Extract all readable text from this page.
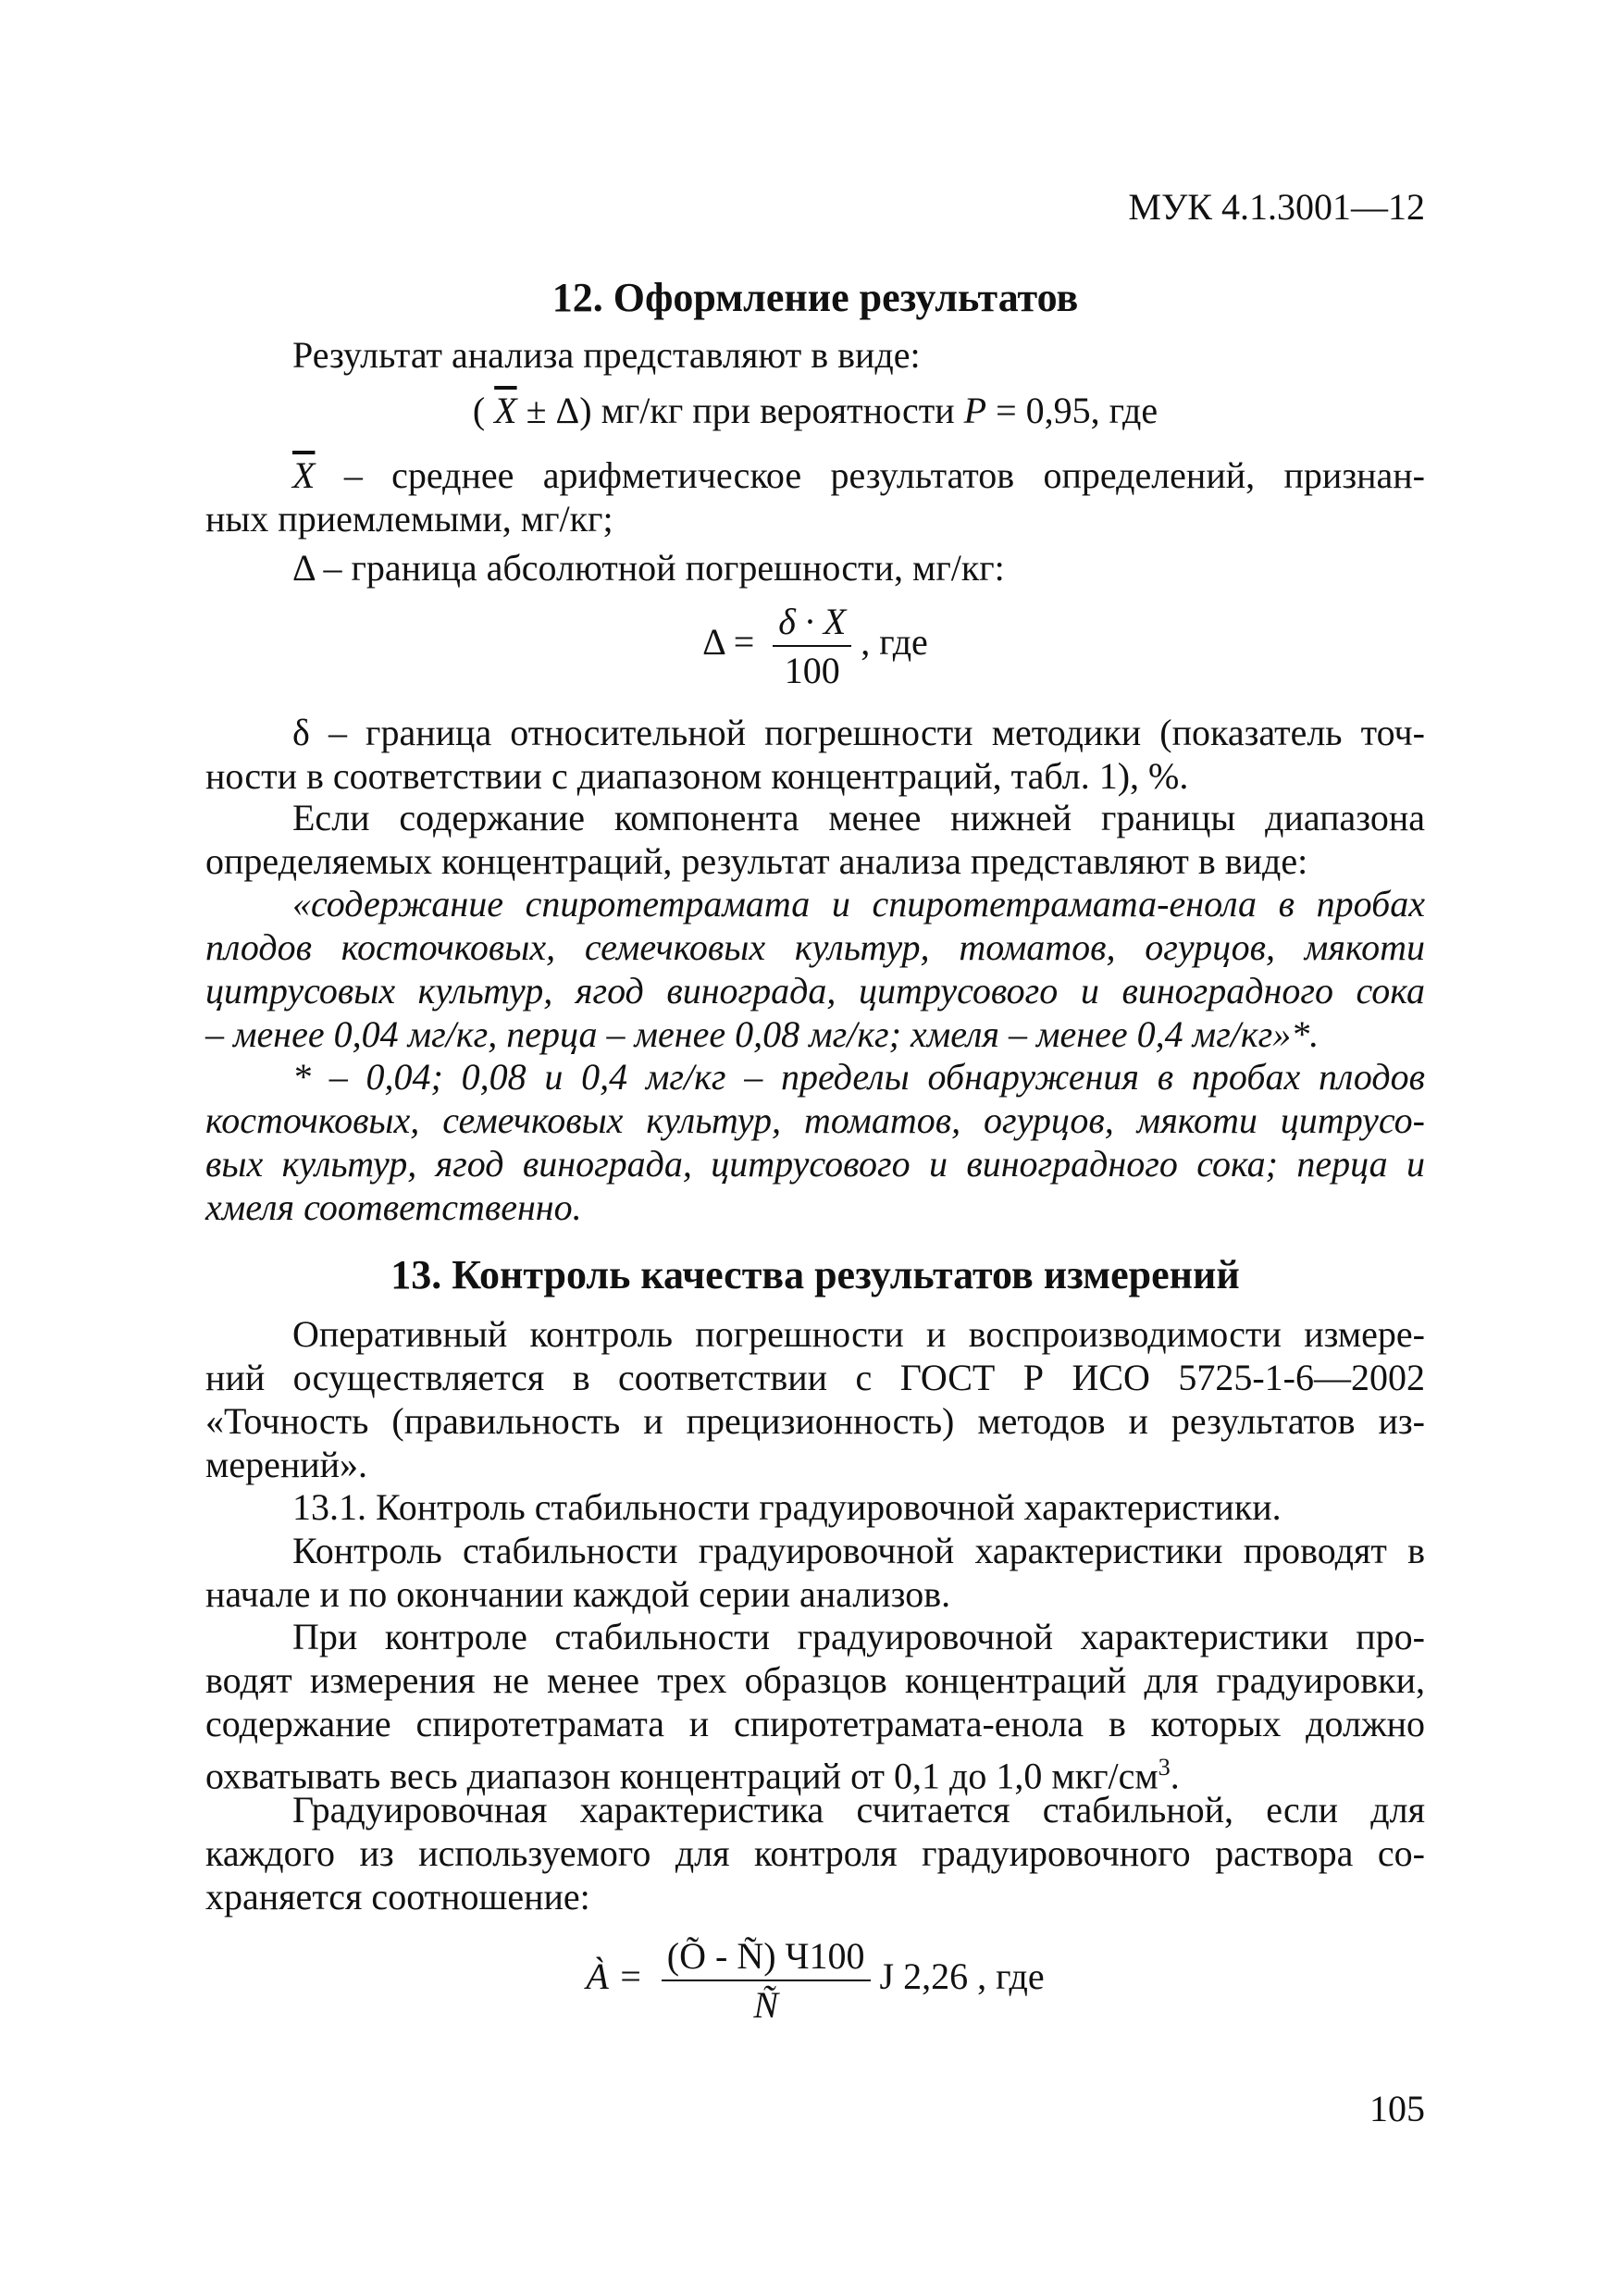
МУК 4.1.3001—12
12. Оформление результатов

Результат анализа представляют в виде:

( Х ± Δ) мг/кг при вероятности P = 0,95, где
Х – среднее арифметическое результатов определений, признан-
ных приемлемыми, мг/кг;

Δ – граница абсолютной погрешности, мг/кг:

$\Delta = \frac{\delta \cdot Х}{100}$ , где
δ – граница относительной погрешности методики (показатель точ-
ности в соответствии с диапазоном концентраций, табл. 1), %.
Если содержание компонента менее нижней границы диапазона
определяемых концентраций, результат анализа представляют в виде:
«содержание спиротетрамата и спиротетрамата-енола в пробах
плодов косточковых, семечковых культур, томатов, огурцов, мякоти
цитрусовых культур, ягод винограда, цитрусового и виноградного сока
– менее 0,04 мг/кг, перца – менее 0,08 мг/кг; хмеля – менее 0,4 мг/кг»*.
* – 0,04; 0,08 и 0,4 мг/кг – пределы обнаружения в пробах плодов
косточковых, семечковых культур, томатов, огурцов, мякоти цитрусо-
вых культур, ягод винограда, цитрусового и виноградного сока; перца и
хмеля соответственно.
13. Контроль качества результатов измерений
Оперативный контроль погрешности и воспроизводимости измере-
ний осуществляется в соответствии с ГОСТ Р ИСО 5725-1-6—2002
«Точность (правильность и прецизионность) методов и результатов из-
мерений».

13.1. Контроль стабильности градуировочной характеристики.

Контроль стабильности градуировочной характеристики проводят в
начале и по окончании каждой серии анализов.
При контроле стабильности градуировочной характеристики про-
водят измерения не менее трех образцов концентраций для градуировки,
содержание спиротетрамата и спиротетрамата-енола в которых должно
охватывать весь диапазон концентраций от 0,1 до 1,0 мкг/$см^3$.
Градуировочная характеристика считается стабильной, если для
каждого из используемого для контроля градуировочного раствора со-
храняется соотношение:
À = $\frac{(Õ - Ñ) Ч100}{Ñ}$ J 2,26 , где
105
